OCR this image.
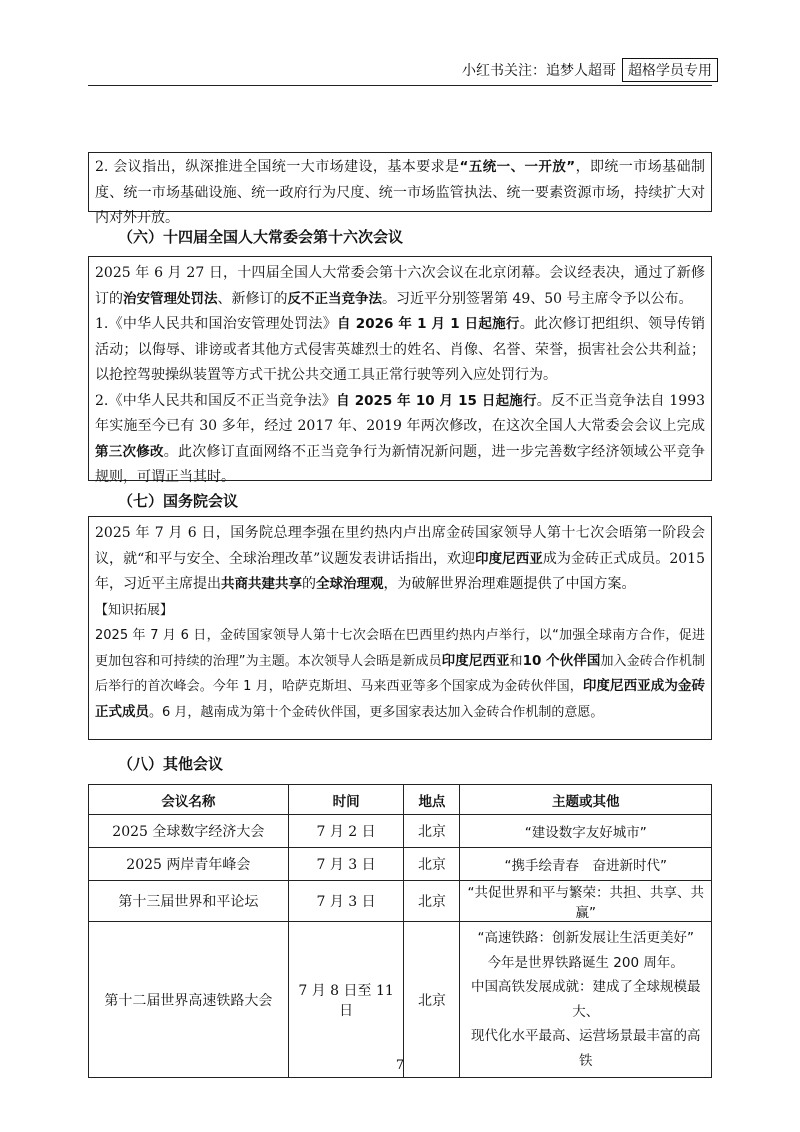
小红书关注：追梦人超哥 超格学员专用

2. 会议指出，纵深推进全国统一大市场建设，基本要求是“五统一、一开放”，即统一市场基础制度、统一市场基础设施、统一政府行为尺度、统一市场监管执法、统一要素资源市场，持续扩大对内对外开放。

（六）十四届全国人大常委会第十六次会议

2025 年 6 月 27 日，十四届全国人大常委会第十六次会议在北京闭幕。会议经表决，通过了新修订的治安管理处罚法、新修订的反不正当竞争法。习近平分别签署第 49、50 号主席令予以公布。

1.《中华人民共和国治安管理处罚法》自 2026 年 1 月 1 日起施行。此次修订把组织、领导传销活动；以侮辱、诽谤或者其他方式侵害英雄烈士的姓名、肖像、名誉、荣誉，损害社会公共利益；以抢控驾驶操纵装置等方式干扰公共交通工具正常行驶等列入应处罚行为。

2.《中华人民共和国反不正当竞争法》自 2025 年 10 月 15 日起施行。反不正当竞争法自 1993 年实施至今已有 30 多年，经过 2017 年、2019 年两次修改，在这次全国人大常委会会议上完成第三次修改。此次修订直面网络不正当竞争行为新情况新问题，进一步完善数字经济领域公平竞争规则，可谓正当其时。

（七）国务院会议

2025 年 7 月 6 日，国务院总理李强在里约热内卢出席金砖国家领导人第十七次会晤第一阶段会议，就“和平与安全、全球治理改革”议题发表讲话指出，欢迎印度尼西亚成为金砖正式成员。2015 年，习近平主席提出共商共建共享的全球治理观，为破解世界治理难题提供了中国方案。

【知识拓展】

2025 年 7 月 6 日，金砖国家领导人第十七次会晤在巴西里约热内卢举行，以“加强全球南方合作，促进更加包容和可持续的治理”为主题。本次领导人会晤是新成员印度尼西亚和10 个伙伴国加入金砖合作机制后举行的首次峰会。今年 1 月，哈萨克斯坦、马来西亚等多个国家成为金砖伙伴国，印度尼西亚成为金砖正式成员。6 月，越南成为第十个金砖伙伴国，更多国家表达加入金砖合作机制的意愿。

（八）其他会议
会议名称	时间	地点	主题或其他
2025 全球数字经济大会	7 月 2 日	北京	“建设数字友好城市”
2025 两岸青年峰会	7 月 3 日	北京	“携手绘青春　奋进新时代”
第十三届世界和平论坛	7 月 3 日	北京	“共促世界和平与繁荣：共担、共享、共赢”
第十二届世界高速铁路大会	7 月 8 日至 11 日	北京	“高速铁路：创新发展让生活更美好”
今年是世界铁路诞生 200 周年。
中国高铁发展成就：建成了全球规模最大、
现代化水平最高、运营场景最丰富的高铁
7
